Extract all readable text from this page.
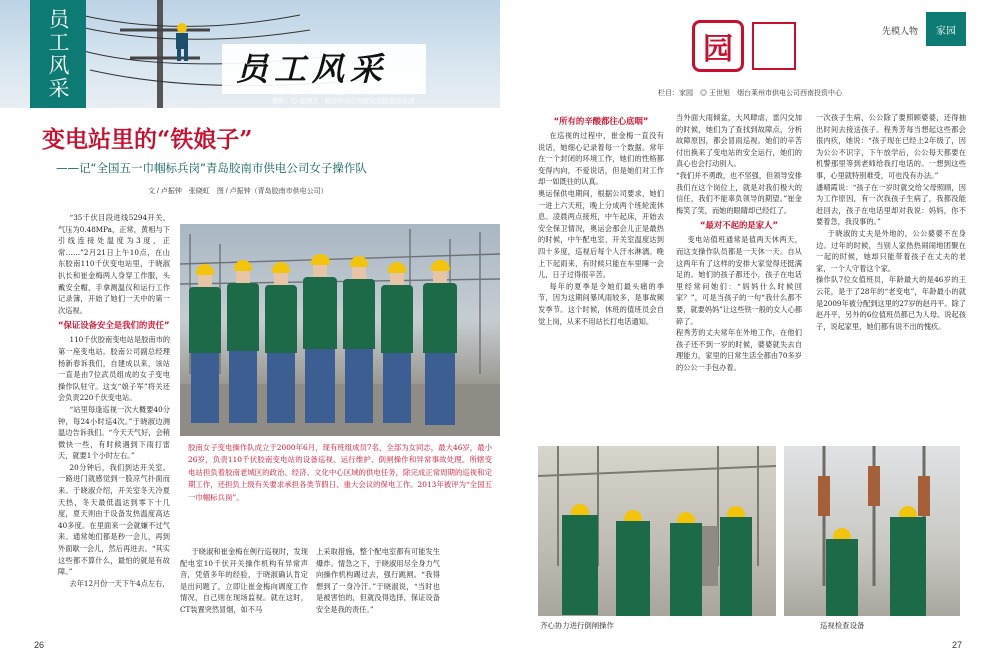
员工风采	员工风采
书法：◎ 马存水　泰安肥城市供电公司家属委员会
摄影：◎ 葛满义　临沂供电公司配电运检室综合部
变电站里的“铁娘子”
——记“全国五一巾帼标兵岗”青岛胶南市供电公司女子操作队
文 / 卢振钟　张晓虹　图 / 卢振钟（青岛胶南市供电公司）

“35千伏目段进线5294开关，气压为0.48MPa，正常，黄相与下引线连接处温度为3度，正常……”2月21日上午10点，在山东胶南110千伏变电站里，于晓淑扒长和崔金梅两人身穿工作服，头戴安全帽，手拿测温仪和运行工作记录簿，开始了她们一天中的第一次巡视。

“保证设备安全是我们的责任”

110千伏胶南变电站是胶南市的第一座变电站。胶南公司副总经理杨新春诉我们，自建成以来，该站一直是由7位武员组成的女子变电操作队驻守。这支“娘子军”将关还会负责220千伏变电站。

“站里每逢巡视一次大概要40分钟，每24小时巡4次。”于晓淑边测温边告诉我们。“今天天气好，会稍微快一些，有时候遇到下雨打雷天，就要1个小时左右。”

20分钟后，我们到达开关室。一路进门就感觉到一股凉气扑面而来。于晓淑介绍，开关室冬天冷夏天热，冬天最低温达到零下十几度，夏天则由于设备发热温度高达40多度。在里面来一会就嫌不过气来。通常她们都是秒一会儿，再到外面歇一会儿，然后再进去。“其实这些都不算什么，最怕的就是有故障。”

去年12月份一天下午4点左右，

胶南女子变电操作队成立于2000年6月，现有班组成员7名，全部为女同志，最大46岁，最小26岁，负责110千伏胶南变电站的设备巡视、运行维护、倒闸操作和异常事故处理。所辖变电站担负着胶南老城区的政治、经济、文化中心区域的供电任务，除完成正常周期的巡视和定期工作，还担负上级有关要求承担各类节假日、重大会议的保电工作。2013年被评为“全国五一巾帼标兵岗”。

于晓淑和崔金梅在例行巡视时，发现配电室10千伏开关操作机构有异常声音，凭借多年的经验，于晓淑确认肯定是出问题了，立即让崔金梅向调度工作情况，自己则在现场监视。就在这时，CT装置突然冒烟，如不马

上采取措施，整个配电室都有可能发生爆炸。情急之下，于晓淑用尽全身力气向操作机构踢过去，强行跳闸。“我得想到了一身冷汗。”于晓淑说，“当时也是被害怕的，但就没得选择，保证设备安全是我的责任。”

26
园
栏目：家园　◎ 王世旭　烟台莱州市供电公司西南投资中心
先模人物 家园
“所有的辛酸都往心底咽”

在巡视的过程中，崔金梅一直没有说话，她细心记录着每一个数据。常年在一个封闭的环境工作，她们的性格都变得内向，不爱说话，但是她们对工作却一如既往的认真。
奥运保供电期间，根据公司要求，她们一进上六天班，晚上分成两个班轮流休息。凌晨两点接班，中午起床，开始去安全保卫情况，奥运会那会儿正是最热的时候，中午配电室、开关室温度达到四十多度，巡视后每个人汗水淋漓。晚上下起雨来，有时候只能在车里睡一会儿，日子过得很辛苦。

每年的夏季是令她们最头痛的季节，因为这期间暴风雨较多，是事故频发季节。这个时候，休班的值班员会自觉上岗，从来不用站长打电话通知。

当外面大雨倾盆，大风肆虐，雷闪交加的时候，她们为了查找到故障点，分析故障原因，都会冒雨巡视。她们的辛苦付出换来了变电站的安全运行，她们的真心也会打动别人。
“我们并不勇敢，也不坚强，但领导安排我们在这个岗位上，就是对我们极大的信任，我们不能辜负领导的期望。”崔金梅笑了笑，而她的眼睛却已经红了。

“最对不起的是家人”

变电站值班通常是值两天休两天，而这支操作队员都是一天休一天。自从这两年有了这样的安排大家觉得还挺满足的。她们的孩子都还小，孩子在电话里经常问她们：“妈妈什么时候回家？”，可是当孩子的一句“我什么都不要，就要妈妈”让这些铁一般的女人心都碎了。
程秀芳的丈夫常年在外地工作，在他们孩子还不到一岁的时候，婆婆就失去自理能力，家里的日常生活全都由70多岁的公公一手包办着。

一次孩子生病，公公除了要照顾婆婆，还得抽出时间去接送孩子。程秀芳每当想起这些都会很内疚，她说：“孩子现在已经上2年级了，因为公公不识字，下午放学后，公公每天都要在机警那里等到老师给我打电话的。一想到这些事，心里就特别难受，可也没有办法。”
潘晴霞说：“孩子在一岁时就交给父母照顾，因为工作原因，有一次我孩子生病了，我都没能赶回去，孩子在电话里却对我说：妈妈，你不要着急，我没事的。”

于晓淑的丈夫是外地的，公公婆婆不在身边。过年的时候，当别人家热热闹闹地团聚在一起的时候，她却只能带着孩子在丈夫的老家，一个人守着这个家。
操作队7位女值班员，年龄最大的是46岁的王云花，是于了28年的“老变电”，年龄最小的就是2009年被分配到这里的27岁的赵丹平。除了赵丹平，另外的6位值班员都已为人母。说起孩子，说起家里，她们都有说不出的愧疚。

齐心协力进行倒闸操作	巡视检查设备
27
